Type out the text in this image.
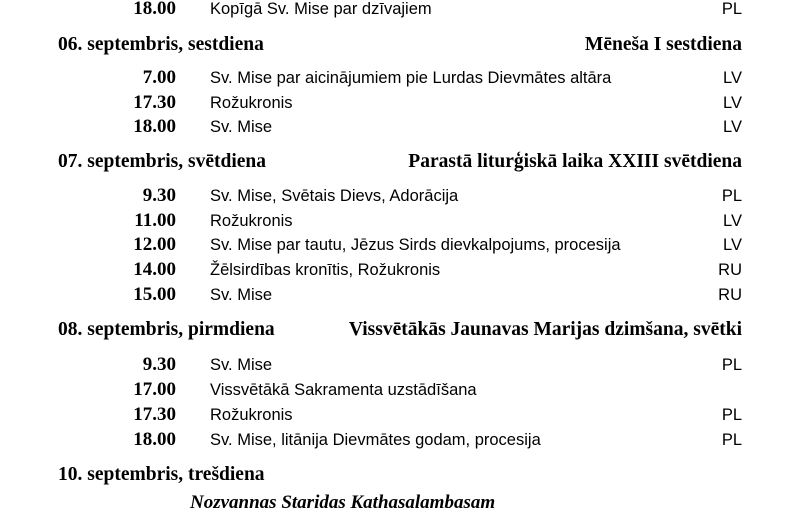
18.00 Kopīgā Sv. Mise par dzīvajiem	PL
06. septembris, sestdiena	Mēneša I sestdiena
7.00 Sv. Mise par aicinājumiem pie Lurdas Dievmātes altāra	LV
17.30 Rožukronis	LV
18.00 Sv. Mise	LV
07. septembris, svētdiena	Parastā liturģiskā laika XXIII svētdiena
9.30 Sv. Mise, Svētais Dievs, Adorācija	PL
11.00 Rožukronis	LV
12.00 Sv. Mise par tautu, Jēzus Sirds dievkalpojums, procesija	LV
14.00 Žēlsirdības kronītis, Rožukronis	RU
15.00 Sv. Mise	RU
08. septembris, pirmdiena	Vissvētākās Jaunavas Marijas dzimšana, svētki
9.30 Sv. Mise	PL
17.00 Vissvētākā Sakramenta uzstādīšana
17.30 Rožukronis	PL
18.00 Sv. Mise, litānija Dievmātes godam, procesija	PL
10. septembris, trešdiena
Nozvannas Staridas Kathasalambasam
